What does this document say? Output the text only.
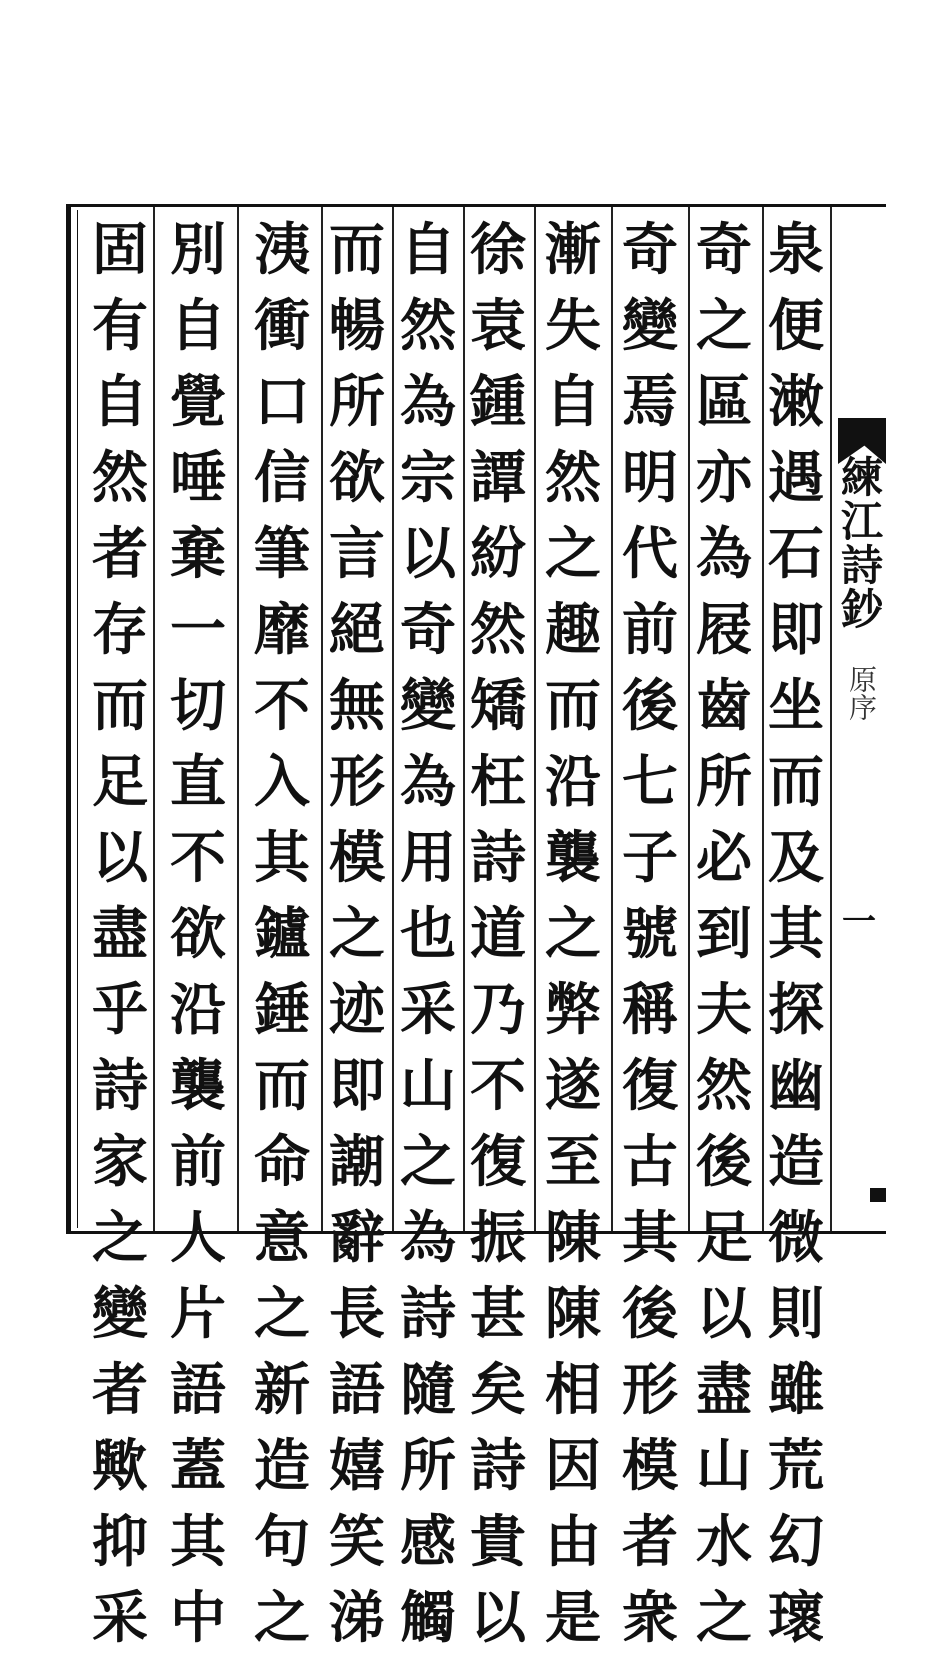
練江詩鈔
原序
一
泉
便
潄
遇
石
即
坐
而
及
其
探
幽
造
微
則
雖
荒
幻
瓌
奇
之
區
亦
為
屐
齒
所
必
到
夫
然
後
足
以
盡
山
水
之
奇
變
焉
明
代
前
後
七
子
號
稱
復
古
其
後
形
模
者
衆
漸
失
自
然
之
趣
而
沿
襲
之
弊
遂
至
陳
陳
相
因
由
是
徐
袁
鍾
譚
紛
然
矯
枉
詩
道
乃
不
復
振
甚
矣
詩
貴
以
自
然
為
宗
以
奇
變
為
用
也
采
山
之
為
詩
隨
所
感
觸
而
暢
所
欲
言
絕
無
形
模
之
迹
即
謿
辭
長
語
嬉
笑
涕
洟
衝
口
信
筆
靡
不
入
其
鑪
錘
而
命
意
之
新
造
句
之
別
自
覺
唾
棄
一
切
直
不
欲
沿
襲
前
人
片
語
蓋
其
中
固
有
自
然
者
存
而
足
以
盡
乎
詩
家
之
變
者
歟
抑
采
